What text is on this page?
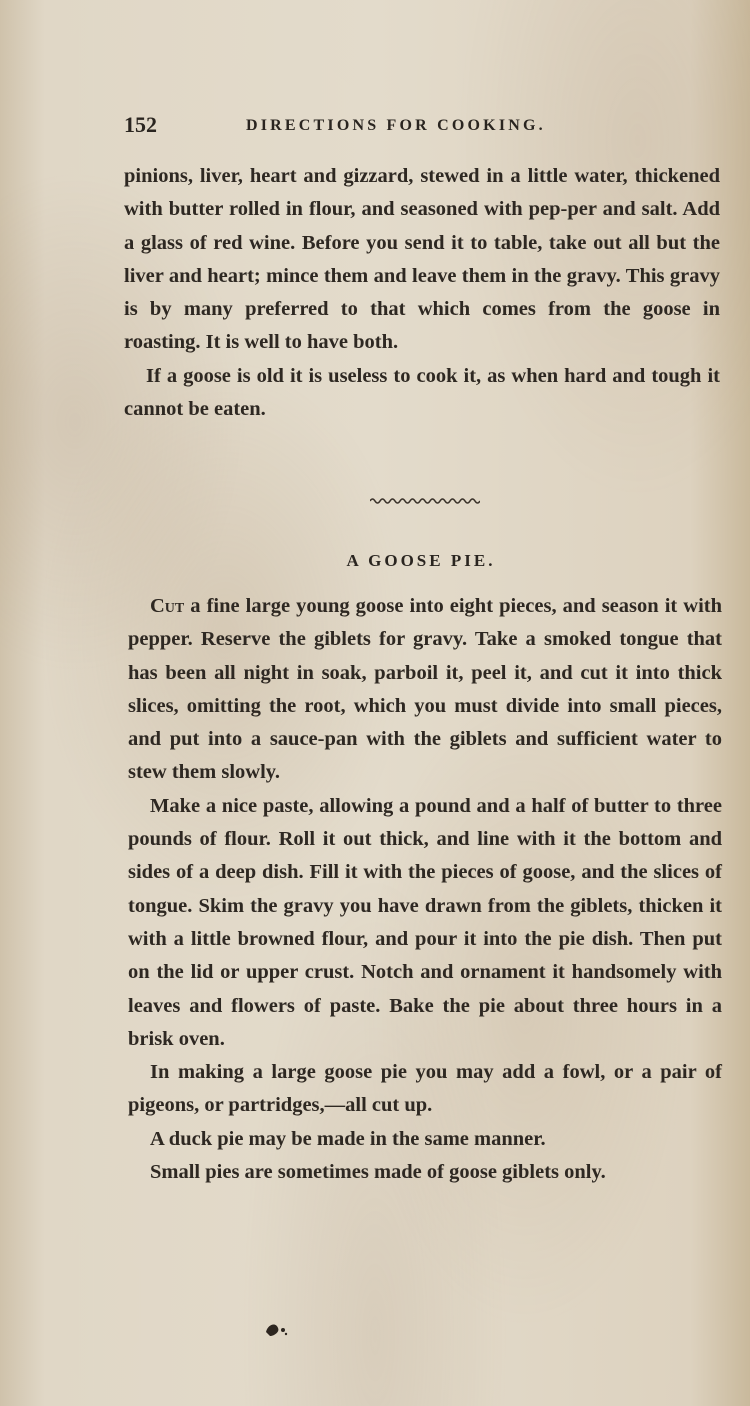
152	DIRECTIONS FOR COOKING.

pinions, liver, heart and gizzard, stewed in a little water, thickened with butter rolled in flour, and seasoned with pep-per and salt. Add a glass of red wine. Before you send it to table, take out all but the liver and heart; mince them and leave them in the gravy. This gravy is by many preferred to that which comes from the goose in roasting. It is well to have both.

If a goose is old it is useless to cook it, as when hard and tough it cannot be eaten.

A GOOSE PIE.

Cut a fine large young goose into eight pieces, and season it with pepper. Reserve the giblets for gravy. Take a smoked tongue that has been all night in soak, parboil it, peel it, and cut it into thick slices, omitting the root, which you must divide into small pieces, and put into a sauce-pan with the giblets and sufficient water to stew them slowly.

Make a nice paste, allowing a pound and a half of butter to three pounds of flour. Roll it out thick, and line with it the bottom and sides of a deep dish. Fill it with the pieces of goose, and the slices of tongue. Skim the gravy you have drawn from the giblets, thicken it with a little browned flour, and pour it into the pie dish. Then put on the lid or upper crust. Notch and ornament it handsomely with leaves and flowers of paste. Bake the pie about three hours in a brisk oven.

In making a large goose pie you may add a fowl, or a pair of pigeons, or partridges,—all cut up.

A duck pie may be made in the same manner.

Small pies are sometimes made of goose giblets only.
